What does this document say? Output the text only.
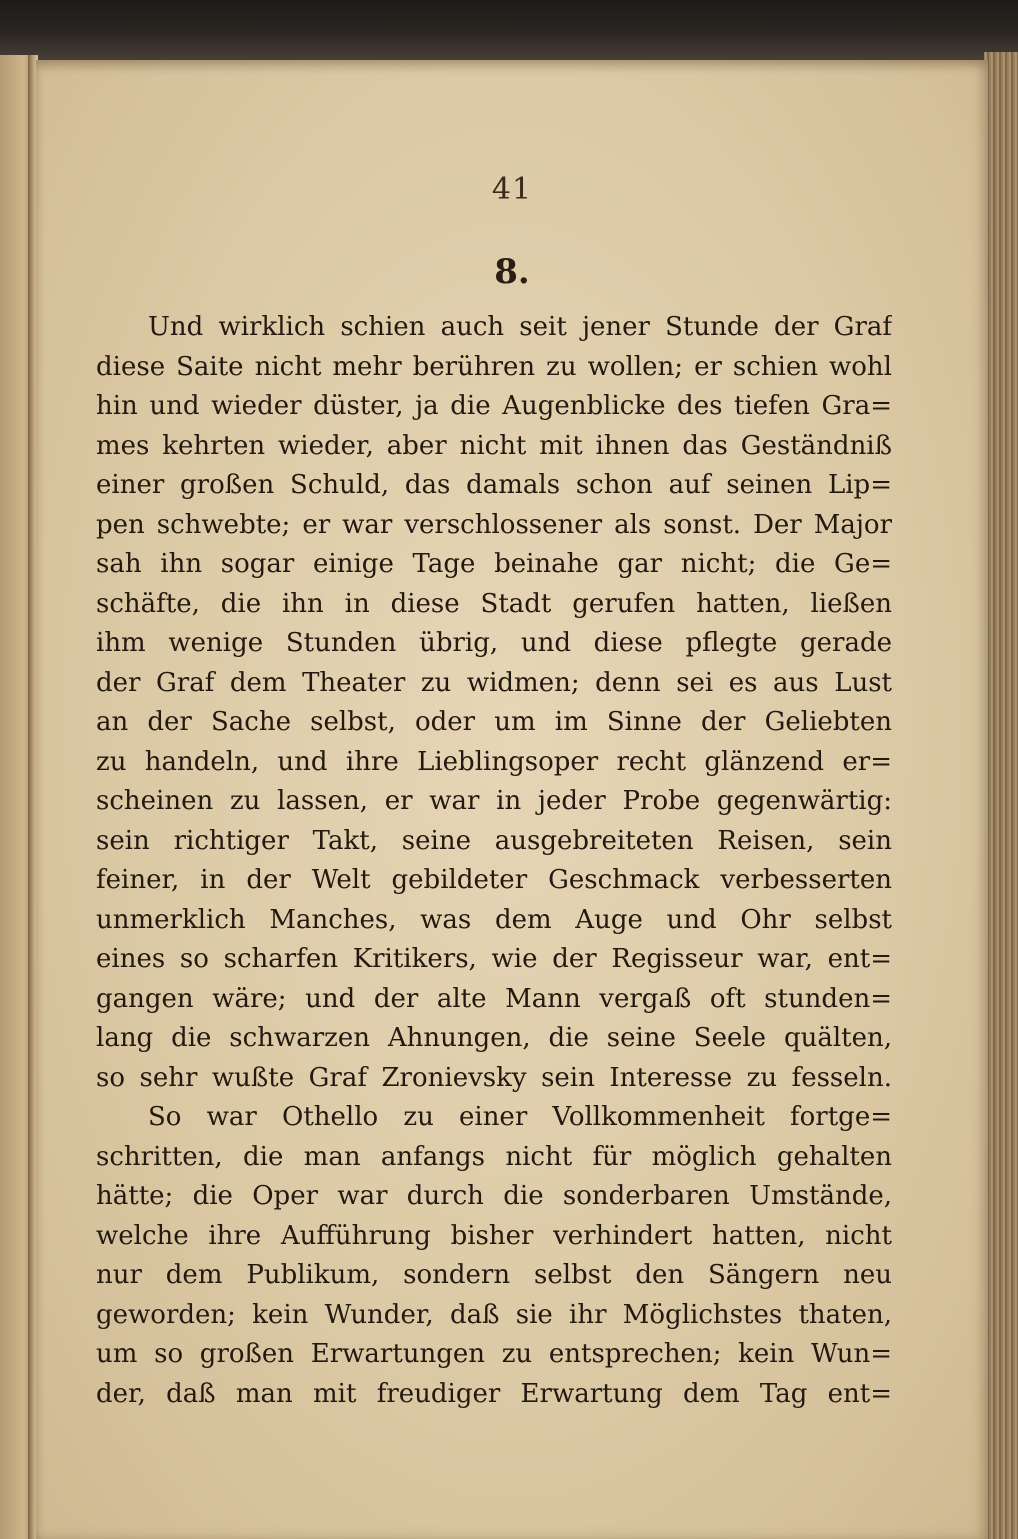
41
8.
Und wirklich schien auch seit jener Stunde der Graf
diese Saite nicht mehr berühren zu wollen; er schien wohl
hin und wieder düster, ja die Augenblicke des tiefen Gra=
mes kehrten wieder, aber nicht mit ihnen das Geständniß
einer großen Schuld, das damals schon auf seinen Lip=
pen schwebte; er war verschlossener als sonst. Der Major
sah ihn sogar einige Tage beinahe gar nicht; die Ge=
schäfte, die ihn in diese Stadt gerufen hatten, ließen
ihm wenige Stunden übrig, und diese pflegte gerade
der Graf dem Theater zu widmen; denn sei es aus Lust
an der Sache selbst, oder um im Sinne der Geliebten
zu handeln, und ihre Lieblingsoper recht glänzend er=
scheinen zu lassen, er war in jeder Probe gegenwärtig:
sein richtiger Takt, seine ausgebreiteten Reisen, sein
feiner, in der Welt gebildeter Geschmack verbesserten
unmerklich Manches, was dem Auge und Ohr selbst
eines so scharfen Kritikers, wie der Regisseur war, ent=
gangen wäre; und der alte Mann vergaß oft stunden=
lang die schwarzen Ahnungen, die seine Seele quälten,
so sehr wußte Graf Zronievsky sein Interesse zu fesseln.
So war Othello zu einer Vollkommenheit fortge=
schritten, die man anfangs nicht für möglich gehalten
hätte; die Oper war durch die sonderbaren Umstände,
welche ihre Aufführung bisher verhindert hatten, nicht
nur dem Publikum, sondern selbst den Sängern neu
geworden; kein Wunder, daß sie ihr Möglichstes thaten,
um so großen Erwartungen zu entsprechen; kein Wun=
der, daß man mit freudiger Erwartung dem Tag ent=
